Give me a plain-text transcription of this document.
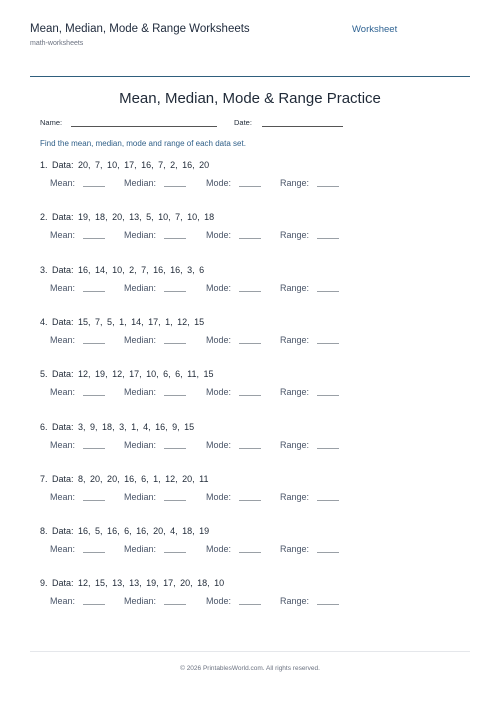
Mean, Median, Mode & Range Worksheets
math-worksheets
Worksheet
Mean, Median, Mode & Range Practice
Name:	Date:
Find the mean, median, mode and range of each data set.
1. Data: 20, 7, 10, 17, 16, 7, 2, 16, 20
Mean:	Median:	Mode:	Range:
2. Data: 19, 18, 20, 13, 5, 10, 7, 10, 18
Mean:	Median:	Mode:	Range:
3. Data: 16, 14, 10, 2, 7, 16, 16, 3, 6
Mean:	Median:	Mode:	Range:
4. Data: 15, 7, 5, 1, 14, 17, 1, 12, 15
Mean:	Median:	Mode:	Range:
5. Data: 12, 19, 12, 17, 10, 6, 6, 11, 15
Mean:	Median:	Mode:	Range:
6. Data: 3, 9, 18, 3, 1, 4, 16, 9, 15
Mean:	Median:	Mode:	Range:
7. Data: 8, 20, 20, 16, 6, 1, 12, 20, 11
Mean:	Median:	Mode:	Range:
8. Data: 16, 5, 16, 6, 16, 20, 4, 18, 19
Mean:	Median:	Mode:	Range:
9. Data: 12, 15, 13, 13, 19, 17, 20, 18, 10
Mean:	Median:	Mode:	Range:
© 2026 PrintablesWorld.com. All rights reserved.
